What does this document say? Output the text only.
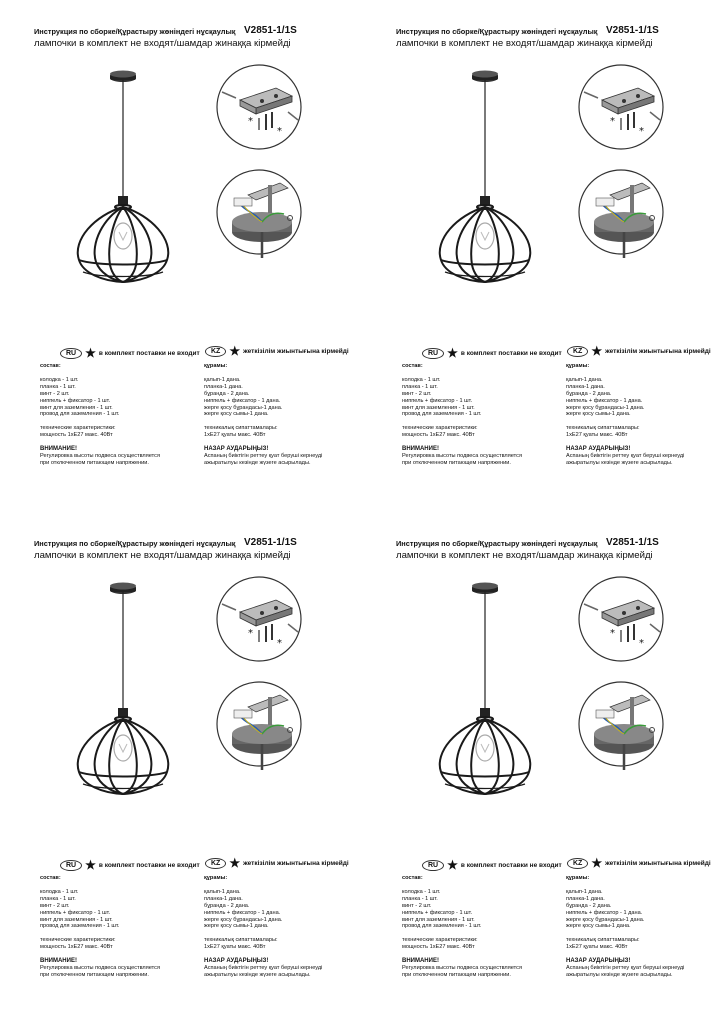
Инструкция по сборке/Құрастыру жөніндегі нұсқаулық V2851-1/1S
лампочки в комплект не входят/шамдар жинаққа кірмейді
*
*
RU ★ в комплект поставки не входит	KZ ★ жеткізілім жиынтығына кірмейді
состав:
колодка - 1 шт.
планка - 1 шт.
винт - 2 шт.
ниппель + фиксатор - 1 шт.
винт для заземления - 1 шт.
провод для заземления - 1 шт.
технические характеристики:
мощность 1хЕ27 макс. 40Вт
ВНИМАНИЕ!
Регулировка высоты подвеса осуществляется
при отключенном питающем напряжении.
құрамы:
қалып-1 дана.
планка-1 дана.
бұранда - 2 дана.
ниппель + фиксатор - 1 дана.
жерге қосу бұрандасы-1 дана.
жерге қосу сымы-1 дана.
техникалық сипаттамалары:
1хЕ27 қуаты макс. 40Вт
НАЗАР АУДАРЫҢЫЗ!
Аспаның биіктігін реттеу қуат беруші кернеуді
ажыратылуы кезінде жүзеге асырылады.
Инструкция по сборке/Құрастыру жөніндегі нұсқаулық V2851-1/1S
лампочки в комплект не входят/шамдар жинаққа кірмейді
*
*
RU ★ в комплект поставки не входит	KZ ★ жеткізілім жиынтығына кірмейді
состав:
колодка - 1 шт.
планка - 1 шт.
винт - 2 шт.
ниппель + фиксатор - 1 шт.
винт для заземления - 1 шт.
провод для заземления - 1 шт.
технические характеристики:
мощность 1хЕ27 макс. 40Вт
ВНИМАНИЕ!
Регулировка высоты подвеса осуществляется
при отключенном питающем напряжении.
құрамы:
қалып-1 дана.
планка-1 дана.
бұранда - 2 дана.
ниппель + фиксатор - 1 дана.
жерге қосу бұрандасы-1 дана.
жерге қосу сымы-1 дана.
техникалық сипаттамалары:
1хЕ27 қуаты макс. 40Вт
НАЗАР АУДАРЫҢЫЗ!
Аспаның биіктігін реттеу қуат беруші кернеуді
ажыратылуы кезінде жүзеге асырылады.
Инструкция по сборке/Құрастыру жөніндегі нұсқаулық V2851-1/1S
лампочки в комплект не входят/шамдар жинаққа кірмейді
*
*
RU ★ в комплект поставки не входит	KZ ★ жеткізілім жиынтығына кірмейді
состав:
колодка - 1 шт.
планка - 1 шт.
винт - 2 шт.
ниппель + фиксатор - 1 шт.
винт для заземления - 1 шт.
провод для заземления - 1 шт.
технические характеристики:
мощность 1хЕ27 макс. 40Вт
ВНИМАНИЕ!
Регулировка высоты подвеса осуществляется
при отключенном питающем напряжении.
құрамы:
қалып-1 дана.
планка-1 дана.
бұранда - 2 дана.
ниппель + фиксатор - 1 дана.
жерге қосу бұрандасы-1 дана.
жерге қосу сымы-1 дана.
техникалық сипаттамалары:
1хЕ27 қуаты макс. 40Вт
НАЗАР АУДАРЫҢЫЗ!
Аспаның биіктігін реттеу қуат беруші кернеуді
ажыратылуы кезінде жүзеге асырылады.
Инструкция по сборке/Құрастыру жөніндегі нұсқаулық V2851-1/1S
лампочки в комплект не входят/шамдар жинаққа кірмейді
*
*
RU ★ в комплект поставки не входит	KZ ★ жеткізілім жиынтығына кірмейді
состав:
колодка - 1 шт.
планка - 1 шт.
винт - 2 шт.
ниппель + фиксатор - 1 шт.
винт для заземления - 1 шт.
провод для заземления - 1 шт.
технические характеристики:
мощность 1хЕ27 макс. 40Вт
ВНИМАНИЕ!
Регулировка высоты подвеса осуществляется
при отключенном питающем напряжении.
құрамы:
қалып-1 дана.
планка-1 дана.
бұранда - 2 дана.
ниппель + фиксатор - 1 дана.
жерге қосу бұрандасы-1 дана.
жерге қосу сымы-1 дана.
техникалық сипаттамалары:
1хЕ27 қуаты макс. 40Вт
НАЗАР АУДАРЫҢЫЗ!
Аспаның биіктігін реттеу қуат беруші кернеуді
ажыратылуы кезінде жүзеге асырылады.
